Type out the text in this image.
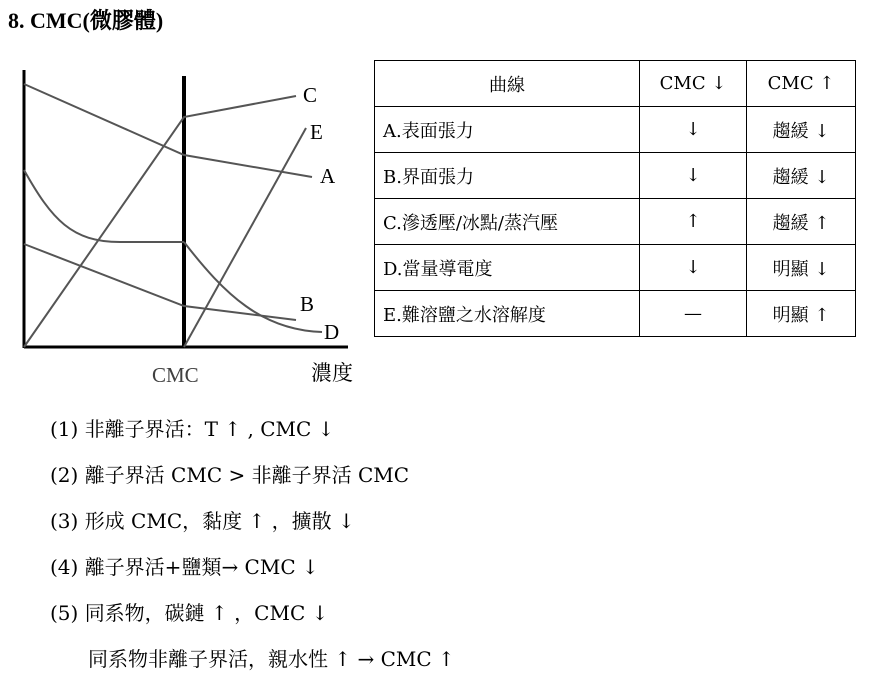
8. CMC(微膠體)
C
E
A
B
D
CMC	濃度
曲線	CMC ↓	CMC ↑
A.表面張力	↓	趨緩 ↓
B.界面張力	↓	趨緩 ↓
C.滲透壓/冰點/蒸汽壓	↑	趨緩 ↑
D.當量導電度	↓	明顯 ↓
E.難溶鹽之水溶解度	—	明顯 ↑
(1) 非離子界活：T ↑ , CMC ↓
(2) 離子界活 CMC > 非離子界活 CMC
(3) 形成 CMC，黏度 ↑ ，擴散 ↓
(4) 離子界活+鹽類→ CMC ↓
(5) 同系物，碳鏈 ↑ ，CMC ↓
同系物非離子界活，親水性 ↑ → CMC ↑
